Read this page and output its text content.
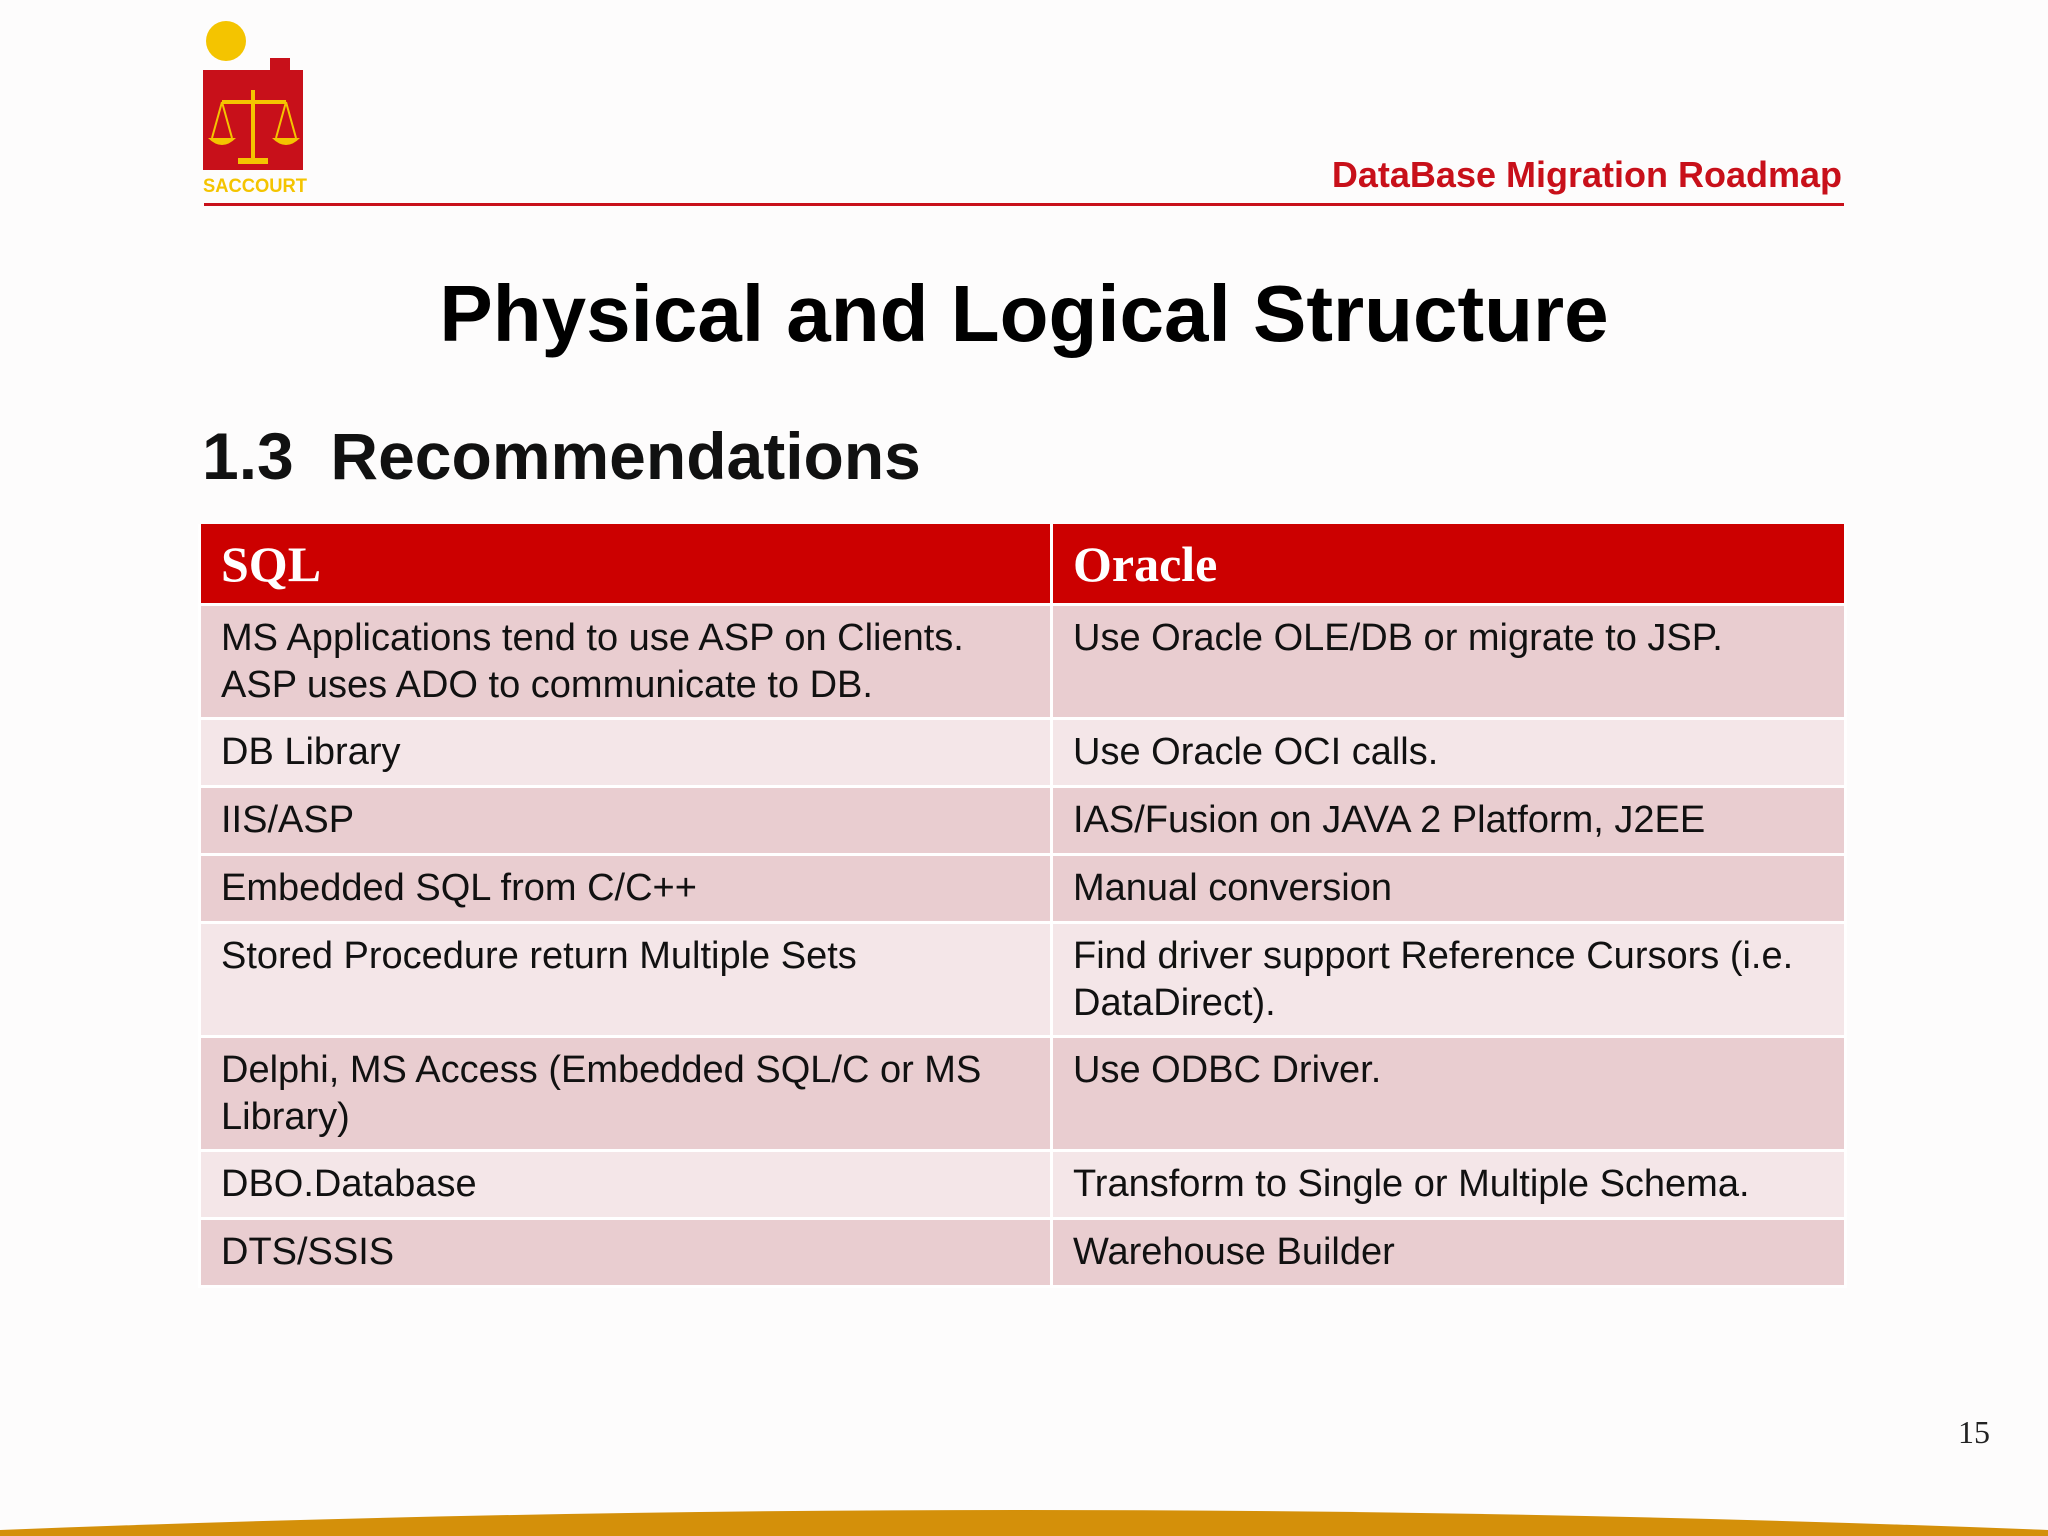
SACCOURT	DataBase Migration Roadmap
Physical and Logical Structure
1.3  Recommendations
SQL	Oracle
MS Applications tend to use ASP on Clients. ASP uses ADO to communicate to DB.	Use Oracle OLE/DB or migrate to JSP.
DB Library	Use Oracle OCI calls.
IIS/ASP	IAS/Fusion on JAVA 2 Platform, J2EE
Embedded SQL from C/C++	Manual conversion
Stored Procedure return Multiple Sets	Find driver support Reference Cursors (i.e. DataDirect).
Delphi, MS Access (Embedded SQL/C or MS Library)	Use ODBC Driver.
DBO.Database	Transform to Single or Multiple Schema.
DTS/SSIS	Warehouse Builder
15
